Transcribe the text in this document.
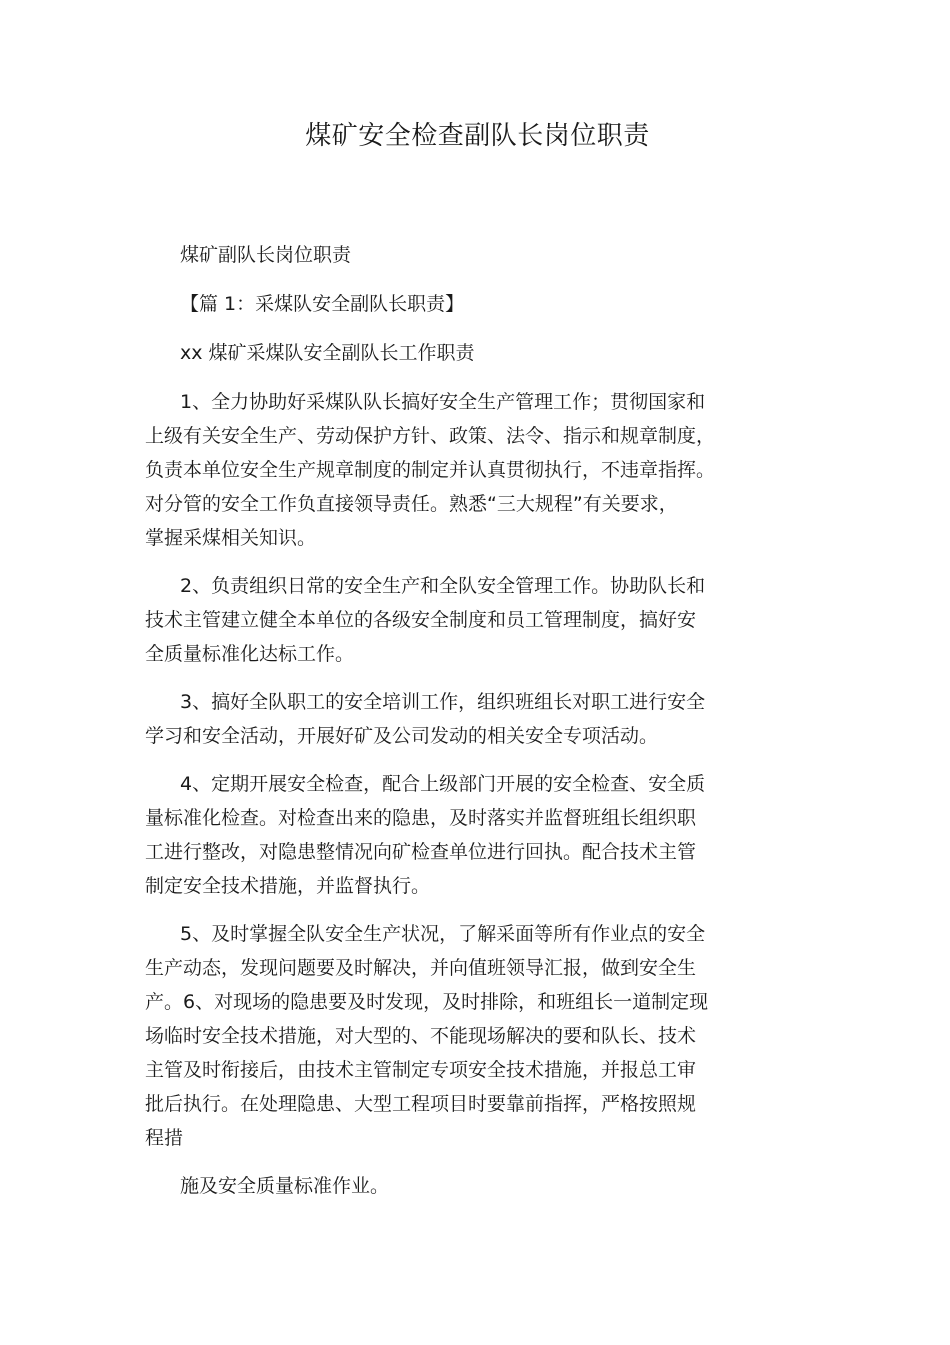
煤矿安全检查副队长岗位职责

煤矿副队长岗位职责

【篇 1：采煤队安全副队长职责】

xx 煤矿采煤队安全副队长工作职责

1、全力协助好采煤队队长搞好安全生产管理工作；贯彻国家和
上级有关安全生产、劳动保护方针、政策、法令、指示和规章制度，
负责本单位安全生产规章制度的制定并认真贯彻执行，不违章指挥。
对分管的安全工作负直接领导责任。熟悉“三大规程”有关要求，
掌握采煤相关知识。

2、负责组织日常的安全生产和全队安全管理工作。协助队长和
技术主管建立健全本单位的各级安全制度和员工管理制度，搞好安
全质量标准化达标工作。

3、搞好全队职工的安全培训工作，组织班组长对职工进行安全
学习和安全活动，开展好矿及公司发动的相关安全专项活动。

4、定期开展安全检查，配合上级部门开展的安全检查、安全质
量标准化检查。对检查出来的隐患，及时落实并监督班组长组织职
工进行整改，对隐患整情况向矿检查单位进行回执。配合技术主管
制定安全技术措施，并监督执行。

5、及时掌握全队安全生产状况，了解采面等所有作业点的安全
生产动态，发现问题要及时解决，并向值班领导汇报，做到安全生
产。6、对现场的隐患要及时发现，及时排除，和班组长一道制定现
场临时安全技术措施，对大型的、不能现场解决的要和队长、技术
主管及时衔接后，由技术主管制定专项安全技术措施，并报总工审
批后执行。在处理隐患、大型工程项目时要靠前指挥，严格按照规
程措

施及安全质量标准作业。
